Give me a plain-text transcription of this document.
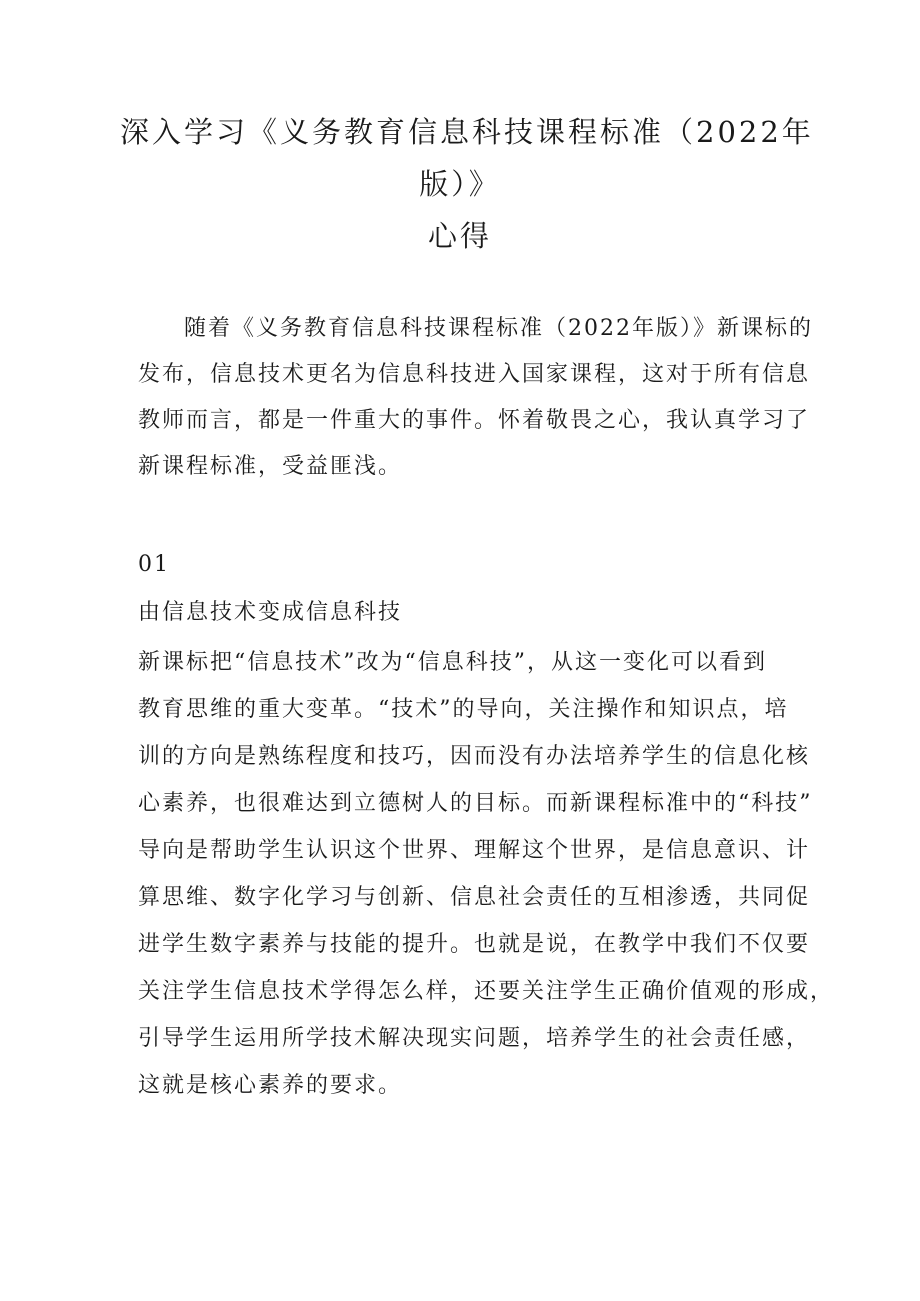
深入学习《义务教育信息科技课程标准（2022年
版）》
心得
随着《义务教育信息科技课程标准（2022年版）》新课标的
发布，信息技术更名为信息科技进入国家课程，这对于所有信息
教师而言，都是一件重大的事件。怀着敬畏之心，我认真学习了
新课程标准，受益匪浅。
01
由信息技术变成信息科技
新课标把“信息技术”改为“信息科技”，从这一变化可以看到
教育思维的重大变革。“技术”的导向，关注操作和知识点，培
训的方向是熟练程度和技巧，因而没有办法培养学生的信息化核
心素养，也很难达到立德树人的目标。而新课程标准中的“科技”
导向是帮助学生认识这个世界、理解这个世界，是信息意识、计
算思维、数字化学习与创新、信息社会责任的互相渗透，共同促
进学生数字素养与技能的提升。也就是说，在教学中我们不仅要
关注学生信息技术学得怎么样，还要关注学生正确价值观的形成，
引导学生运用所学技术解决现实问题，培养学生的社会责任感，
这就是核心素养的要求。
